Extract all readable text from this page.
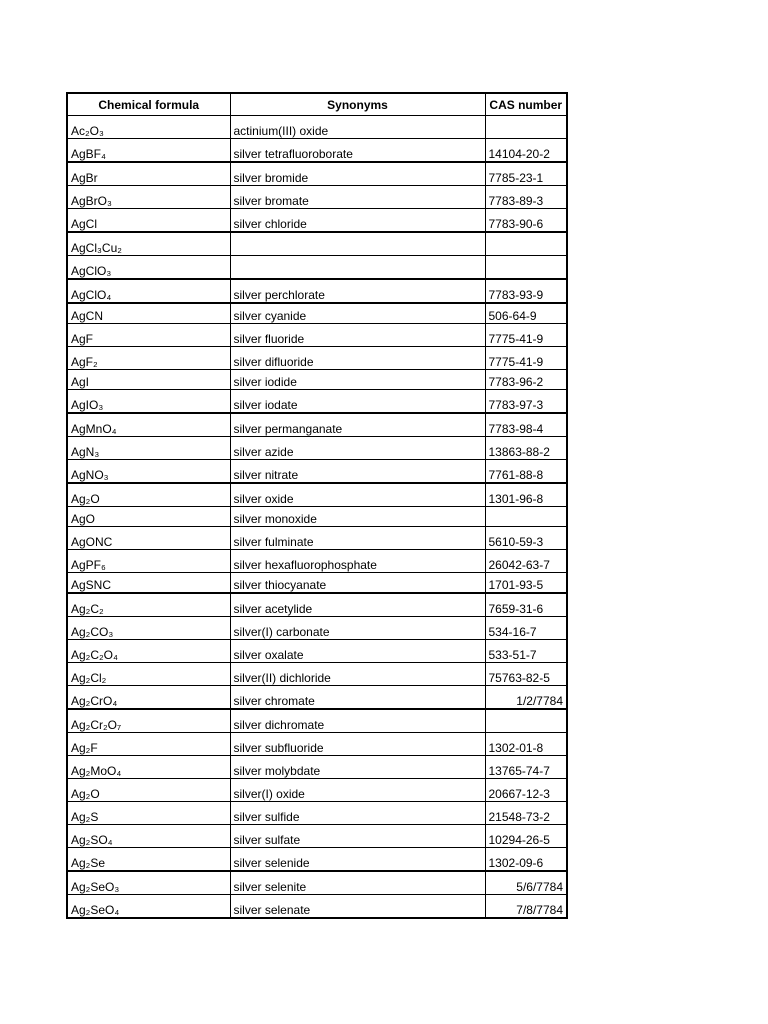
Chemical formula	Synonyms	CAS number
Ac₂O₃	actinium(III) oxide	
AgBF₄	silver tetrafluoroborate	14104-20-2
AgBr	silver bromide	7785-23-1
AgBrO₃	silver bromate	7783-89-3
AgCl	silver chloride	7783-90-6
AgCl₃Cu₂		
AgClO₃		
AgClO₄	silver perchlorate	7783-93-9
AgCN	silver cyanide	506-64-9
AgF	silver fluoride	7775-41-9
AgF₂	silver difluoride	7775-41-9
AgI	silver iodide	7783-96-2
AgIO₃	silver iodate	7783-97-3
AgMnO₄	silver permanganate	7783-98-4
AgN₃	silver azide	13863-88-2
AgNO₃	silver nitrate	7761-88-8
Ag₂O	silver oxide	1301-96-8
AgO	silver monoxide	
AgONC	silver fulminate	5610-59-3
AgPF₆	silver hexafluorophosphate	26042-63-7
AgSNC	silver thiocyanate	1701-93-5
Ag₂C₂	silver acetylide	7659-31-6
Ag₂CO₃	silver(I) carbonate	534-16-7
Ag₂C₂O₄	silver oxalate	533-51-7
Ag₂Cl₂	silver(II) dichloride	75763-82-5
Ag₂CrO₄	silver chromate	1/2/7784
Ag₂Cr₂O₇	silver dichromate	
Ag₂F	silver subfluoride	1302-01-8
Ag₂MoO₄	silver molybdate	13765-74-7
Ag₂O	silver(I) oxide	20667-12-3
Ag₂S	silver sulfide	21548-73-2
Ag₂SO₄	silver sulfate	10294-26-5
Ag₂Se	silver selenide	1302-09-6
Ag₂SeO₃	silver selenite	5/6/7784
Ag₂SeO₄	silver selenate	7/8/7784
